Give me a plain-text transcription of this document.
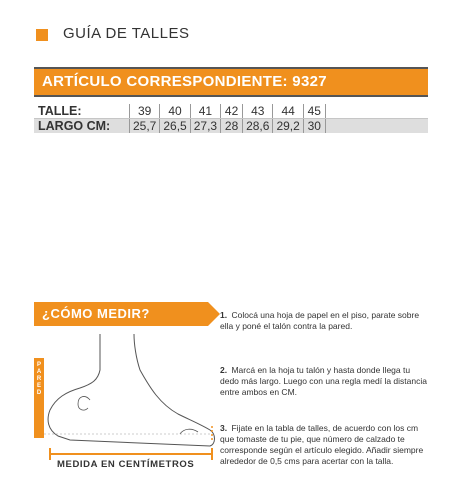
GUÍA DE TALLES
ARTÍCULO CORRESPONDIENTE: 9327
TALLE:	39	40	41	42	43	44	45	
LARGO CM:	25,7	26,5	27,3	28	28,6	29,2	30	
¿CÓMO MEDIR?
P
A
R
E
D
MEDIDA EN CENTÍMETROS
1. Colocá una hoja de papel en el piso, parate sobre ella y poné el talón contra la pared.
2. Marcá en la hoja tu talón y hasta donde llega tu dedo más largo. Luego con una regla medí la distancia entre ambos en CM.
3. Fijate en la tabla de talles, de acuerdo con los cm que tomaste de tu pie, que número de calzado te corresponde según el artículo elegido. Añadir siempre alrededor de 0,5 cms para acertar con la talla.
